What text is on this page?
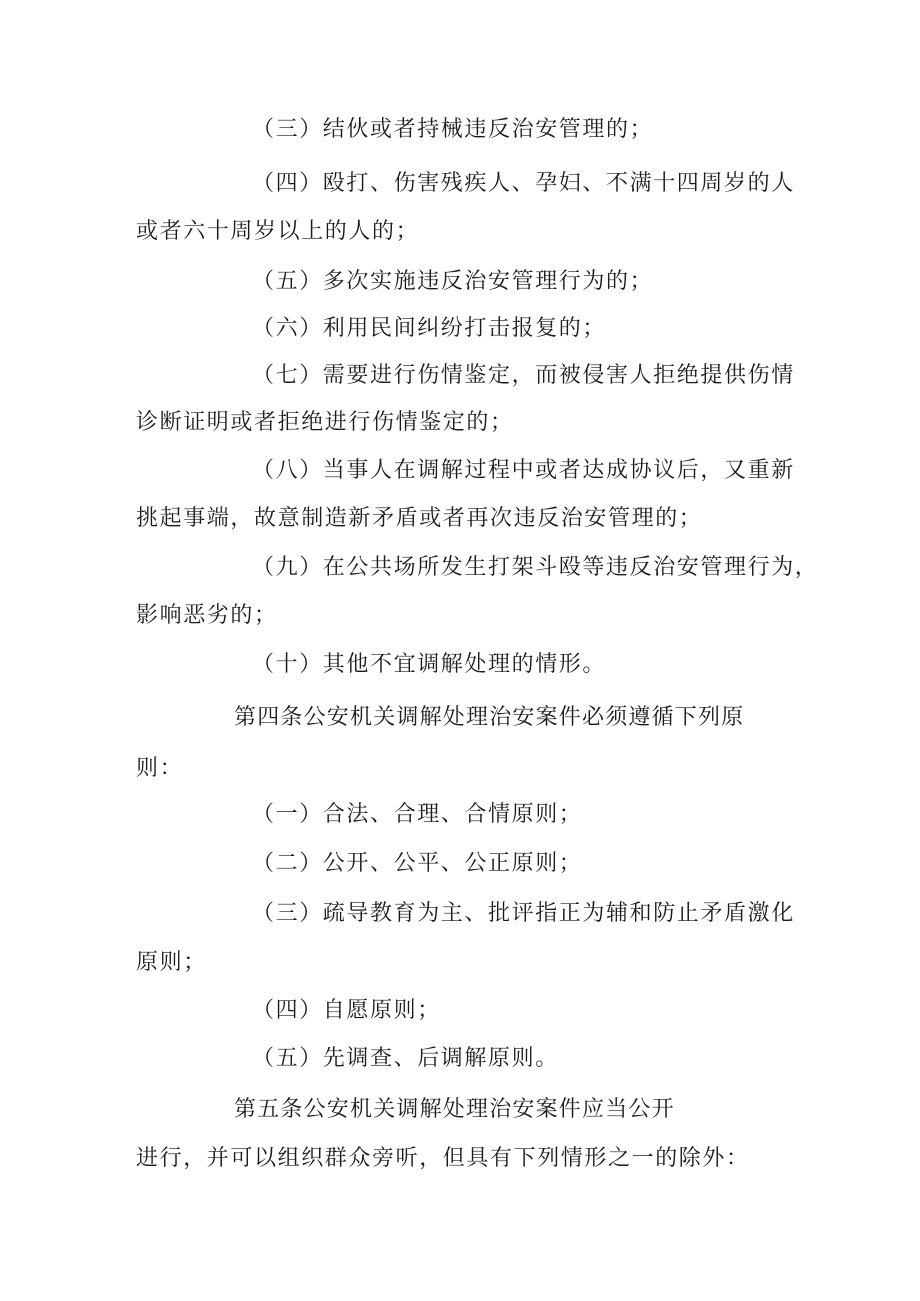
（三）结伙或者持械违反治安管理的；
（四）殴打、伤害残疾人、孕妇、不满十四周岁的人
或者六十周岁以上的人的；
（五）多次实施违反治安管理行为的；
（六）利用民间纠纷打击报复的；
（七）需要进行伤情鉴定，而被侵害人拒绝提供伤情
诊断证明或者拒绝进行伤情鉴定的；
（八）当事人在调解过程中或者达成协议后，又重新
挑起事端，故意制造新矛盾或者再次违反治安管理的；
（九）在公共场所发生打架斗殴等违反治安管理行为，
影响恶劣的；
（十）其他不宜调解处理的情形。
第四条公安机关调解处理治安案件必须遵循下列原
则：
（一）合法、合理、合情原则；
（二）公开、公平、公正原则；
（三）疏导教育为主、批评指正为辅和防止矛盾激化
原则；
（四）自愿原则；
（五）先调查、后调解原则。
第五条公安机关调解处理治安案件应当公开
进行，并可以组织群众旁听，但具有下列情形之一的除外：
